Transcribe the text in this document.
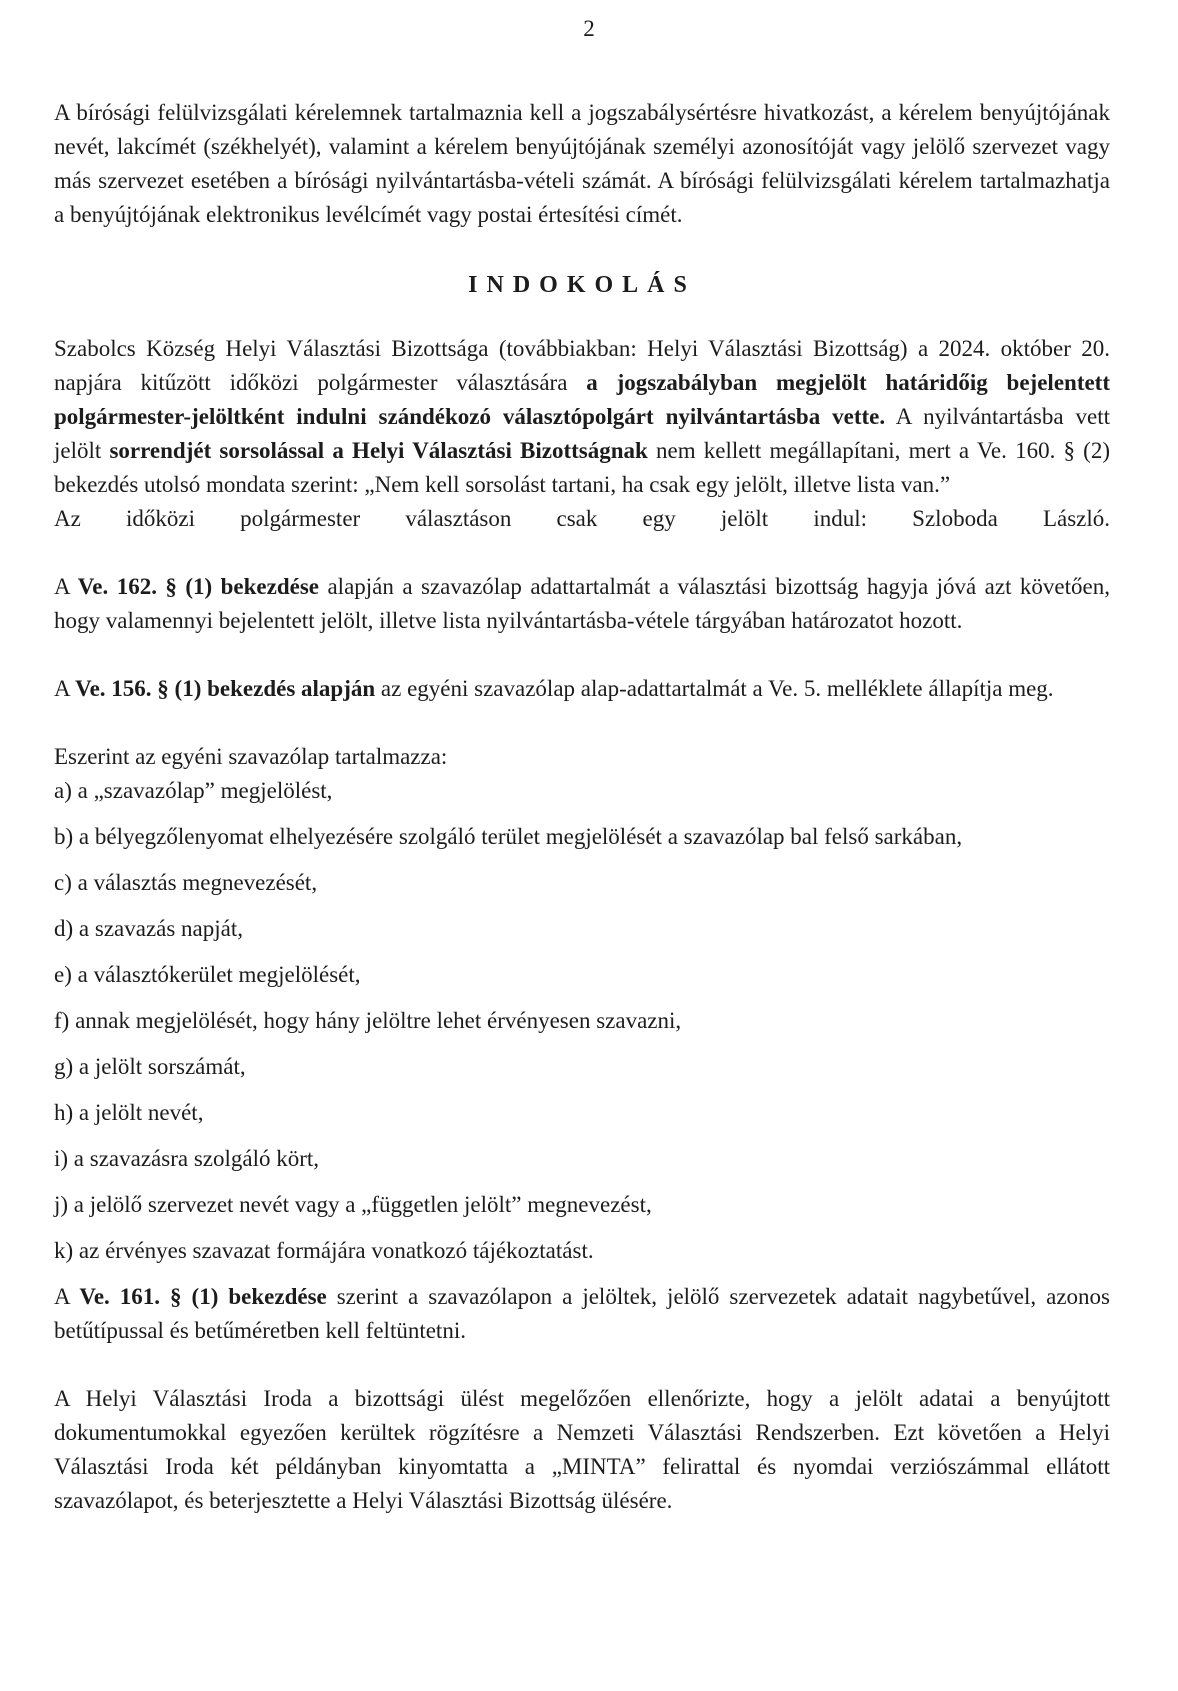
2

A bírósági felülvizsgálati kérelemnek tartalmaznia kell a jogszabálysértésre hivatkozást, a kérelem benyújtójának nevét, lakcímét (székhelyét), valamint a kérelem benyújtójának személyi azonosítóját vagy jelölő szervezet vagy más szervezet esetében a bírósági nyilvántartásba-vételi számát. A bírósági felülvizsgálati kérelem tartalmazhatja a benyújtójának elektronikus levélcímét vagy postai értesítési címét.

INDOKOLÁS

Szabolcs Község Helyi Választási Bizottsága (továbbiakban: Helyi Választási Bizottság) a 2024. október 20. napjára kitűzött időközi polgármester választására a jogszabályban megjelölt határidőig bejelentett polgármester-jelöltként indulni szándékozó választópolgárt nyilvántartásba vette. A nyilvántartásba vett jelölt sorrendjét sorsolással a Helyi Választási Bizottságnak nem kellett megállapítani, mert a Ve. 160. § (2) bekezdés utolsó mondata szerint: „Nem kell sorsolást tartani, ha csak egy jelölt, illetve lista van.”

Az időközi polgármester választáson csak egy jelölt indul: Szloboda László.

A Ve. 162. § (1) bekezdése alapján a szavazólap adattartalmát a választási bizottság hagyja jóvá azt követően, hogy valamennyi bejelentett jelölt, illetve lista nyilvántartásba-vétele tárgyában határozatot hozott.

A Ve. 156. § (1) bekezdés alapján az egyéni szavazólap alap-adattartalmát a Ve. 5. melléklete állapítja meg.

Eszerint az egyéni szavazólap tartalmazza:

a) a „szavazólap” megjelölést,

b) a bélyegzőlenyomat elhelyezésére szolgáló terület megjelölését a szavazólap bal felső sarkában,

c) a választás megnevezését,

d) a szavazás napját,

e) a választókerület megjelölését,

f) annak megjelölését, hogy hány jelöltre lehet érvényesen szavazni,

g) a jelölt sorszámát,

h) a jelölt nevét,

i) a szavazásra szolgáló kört,

j) a jelölő szervezet nevét vagy a „független jelölt” megnevezést,

k) az érvényes szavazat formájára vonatkozó tájékoztatást.

A Ve. 161. § (1) bekezdése szerint a szavazólapon a jelöltek, jelölő szervezetek adatait nagybetűvel, azonos betűtípussal és betűméretben kell feltüntetni.

A Helyi Választási Iroda a bizottsági ülést megelőzően ellenőrizte, hogy a jelölt adatai a benyújtott dokumentumokkal egyezően kerültek rögzítésre a Nemzeti Választási Rendszerben. Ezt követően a Helyi Választási Iroda két példányban kinyomtatta a „MINTA” felirattal és nyomdai verziószámmal ellátott szavazólapot, és beterjesztette a Helyi Választási Bizottság ülésére.
